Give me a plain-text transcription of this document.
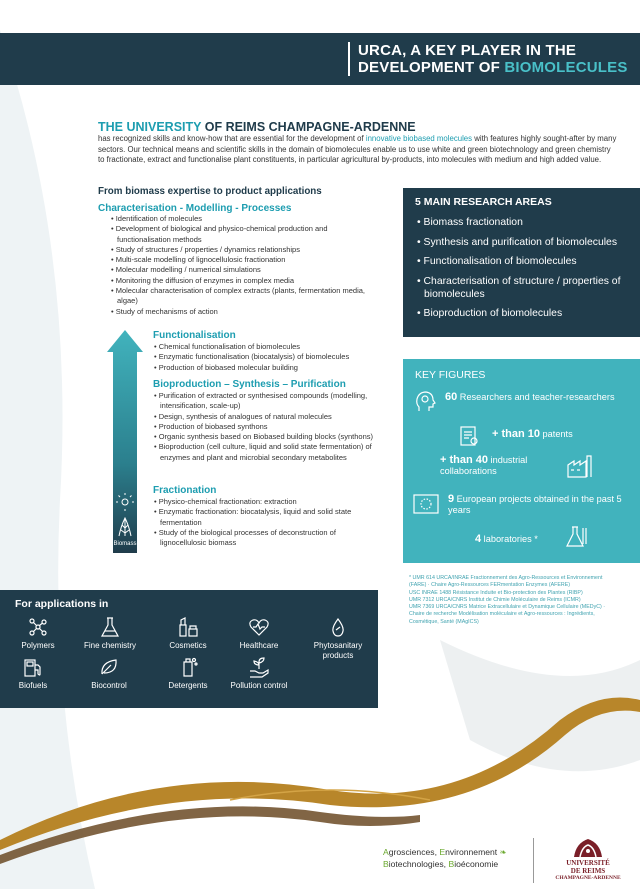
URCA, A KEY PLAYER IN THE
DEVELOPMENT OF BIOMOLECULES
THE UNIVERSITY OF REIMS CHAMPAGNE-ARDENNE

has recognized skills and know-how that are essential for the development of innovative biobased molecules with features highly sought-after by many sectors. Our technical means and scientific skills in the domain of biomolecules enable us to use white and green biotechnology and green chemistry to fractionate, extract and functionalise plant constituents, in particular agricultural by-products, into molecules with medium and high added value.

From biomass expertise to product applications
Characterisation - Modelling - Processes
• Identification of molecules
• Development of biological and physico-chemical production and functionalisation methods
• Study of structures / properties / dynamics relationships
• Multi-scale modelling of lignocellulosic fractionation
• Molecular modelling / numerical simulations
• Monitoring the diffusion of enzymes in complex media
• Molecular characterisation of complex extracts (plants, fermentation media, algae)
• Study of mechanisms of action
Biomass
Functionalisation
• Chemical functionalisation of biomolecules
• Enzymatic functionalisation (biocatalysis) of biomolecules
• Production of biobased molecular building
Bioproduction – Synthesis – Purification
• Purification of extracted or synthesised compounds (modelling, intensification, scale-up)
• Design, synthesis of analogues of natural molecules
• Production of biobased synthons
• Organic synthesis based on Biobased building blocks (synthons)
• Bioproduction (cell culture, liquid and solid state fermentation) of enzymes and plant and microbial secondary metabolites
Fractionation
• Physico-chemical fractionation: extraction
• Enzymatic fractionation: biocatalysis, liquid and solid state fermentation
• Study of the biological processes of deconstruction of lignocellulosic biomass
5 MAIN RESEARCH AREAS
• Biomass fractionation
• Synthesis and purification of biomolecules
• Functionalisation of biomolecules
• Characterisation of structure / properties of biomolecules
• Bioproduction of biomolecules
KEY FIGURES
60 Researchers and teacher-researchers
+ than 10 patents
+ than 40 industrial collaborations
9 European projects obtained in the past 5 years
4 laboratories *
* UMR 614 URCA/INRAE Fractionnement des Agro-Ressources et Environnement (FARE) · Chaire Agro-Ressources FERmentation Enzymes (AFERE)
USC INRAE 1488 Résistance Induite et Bio-protection des Plantes (RIBP)
UMR 7312 URCA/CNRS Institut de Chimie Moléculaire de Reims (ICMR)
UMR 7369 URCA/CNRS Matrice Extracellulaire et Dynamique Cellulaire (MEDyC) · Chaire de recherche Modélisation moléculaire et Agro-ressources : Ingrédients, Cosmétique, Santé (MAgICS)
For applications in
Polymers	Fine chemistry	Cosmetics	Healthcare	Phytosanitary products
Biofuels	Biocontrol	Detergents	Pollution control
Agrosciences, Environnement ❧
Biotechnologies, Bioéconomie	UNIVERSITÉ
DE REIMS
CHAMPAGNE-ARDENNE
